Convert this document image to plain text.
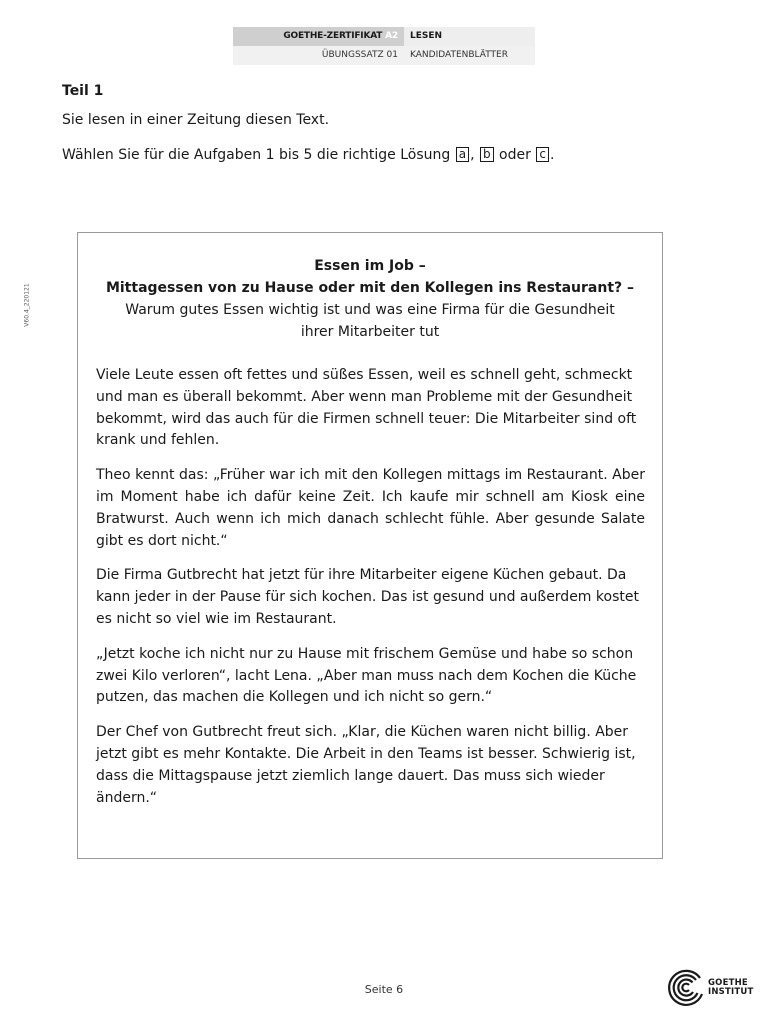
GOETHE-ZERTIFIKAT A2	LESEN
ÜBUNGSSATZ 01	KANDIDATENBLÄTTER
V60.4_220121
Teil 1
Sie lesen in einer Zeitung diesen Text.
Wählen Sie für die Aufgaben 1 bis 5 die richtige Lösung a , b oder c .
Essen im Job –
Mittagessen von zu Hause oder mit den Kollegen ins Restaurant? –
Warum gutes Essen wichtig ist und was eine Firma für die Gesundheit
ihrer Mitarbeiter tut

Viele Leute essen oft fettes und süßes Essen, weil es schnell geht, schmeckt und man es überall bekommt. Aber wenn man Probleme mit der Gesundheit bekommt, wird das auch für die Firmen schnell teuer: Die Mitarbeiter sind oft krank und fehlen.

Theo kennt das: „Früher war ich mit den Kollegen mittags im Restaurant. Aber im Moment habe ich dafür keine Zeit. Ich kaufe mir schnell am Kiosk eine Bratwurst. Auch wenn ich mich danach schlecht fühle. Aber gesunde Salate gibt es dort nicht.“

Die Firma Gutbrecht hat jetzt für ihre Mitarbeiter eigene Küchen gebaut. Da kann jeder in der Pause für sich kochen. Das ist gesund und außerdem kostet es nicht so viel wie im Restaurant.

„Jetzt koche ich nicht nur zu Hause mit frischem Gemüse und habe so schon zwei Kilo verloren“, lacht Lena. „Aber man muss nach dem Kochen die Küche putzen, das machen die Kollegen und ich nicht so gern.“

Der Chef von Gutbrecht freut sich. „Klar, die Küchen waren nicht billig. Aber jetzt gibt es mehr Kontakte. Die Arbeit in den Teams ist besser. Schwierig ist, dass die Mittagspause jetzt ziemlich lange dauert. Das muss sich wieder ändern.“

Seite 6	GOETHE
INSTITUT
